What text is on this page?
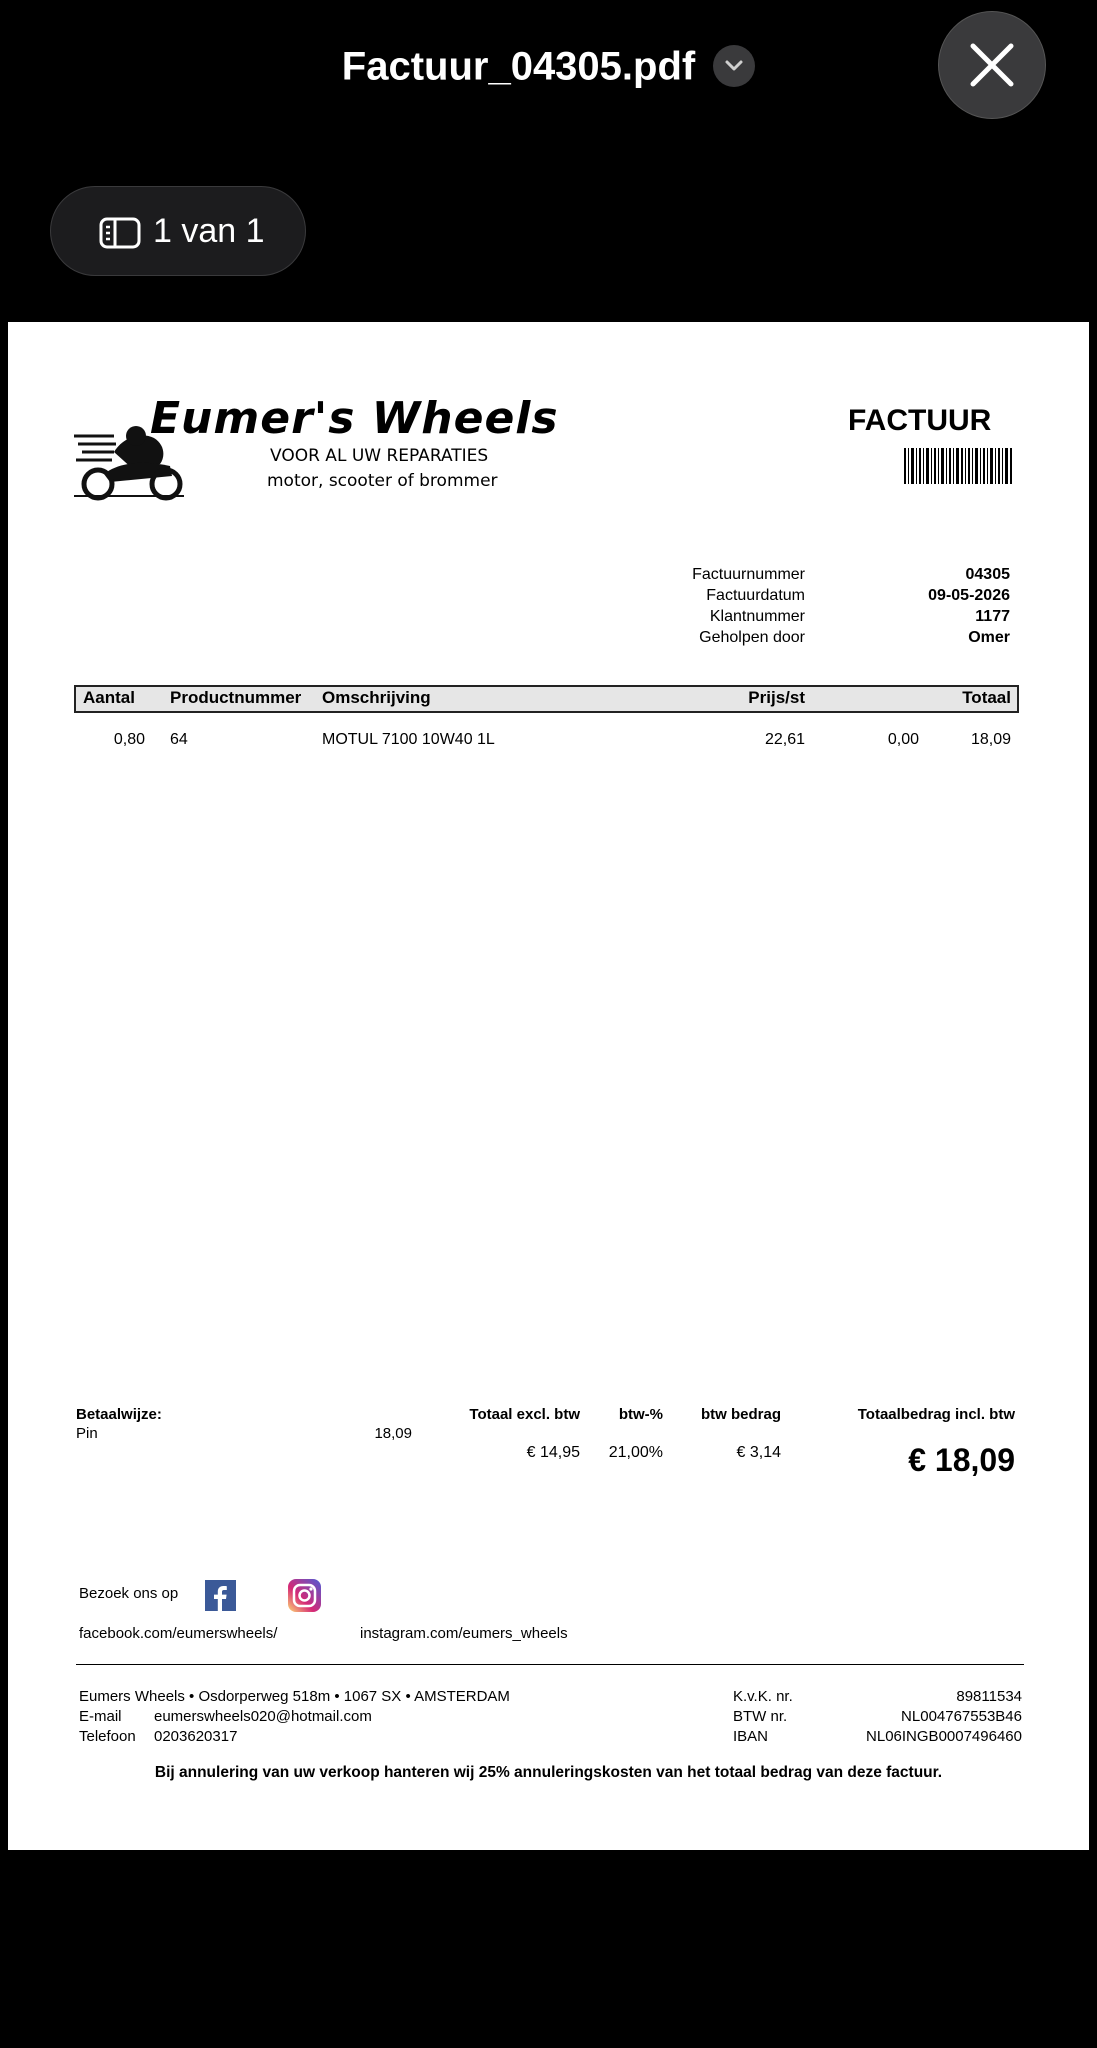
Factuur_04305.pdf
1 van 1
Eumer's Wheels
VOOR AL UW REPARATIES
motor, scooter of brommer
FACTUUR
Factuurnummer	04305
Factuurdatum	09-05-2026
Klantnummer	1177
Geholpen door	Omer
Aantal Productnummer Omschrijving	Prijs/st	Totaal
0,80 64	MOTUL 7100 10W40 1L	22,61	0,00	18,09
Betaalwijze:
Pin	18,09
Totaal excl. btw	btw-%	btw bedrag	Totaalbedrag incl. btw
€ 14,95 21,00%	€ 3,14	€ 18,09
Bezoek ons op
facebook.com/eumerswheels/	instagram.com/eumers_wheels
Eumers Wheels • Osdorperweg 518m • 1067 SX • AMSTERDAM
E-mail eumerswheels020@hotmail.com
Telefoon 0203620317
K.v.K. nr.	89811534
BTW nr.	NL004767553B46
IBAN	NL06INGB0007496460
Bij annulering van uw verkoop hanteren wij 25% annuleringskosten van het totaal bedrag van deze factuur.
